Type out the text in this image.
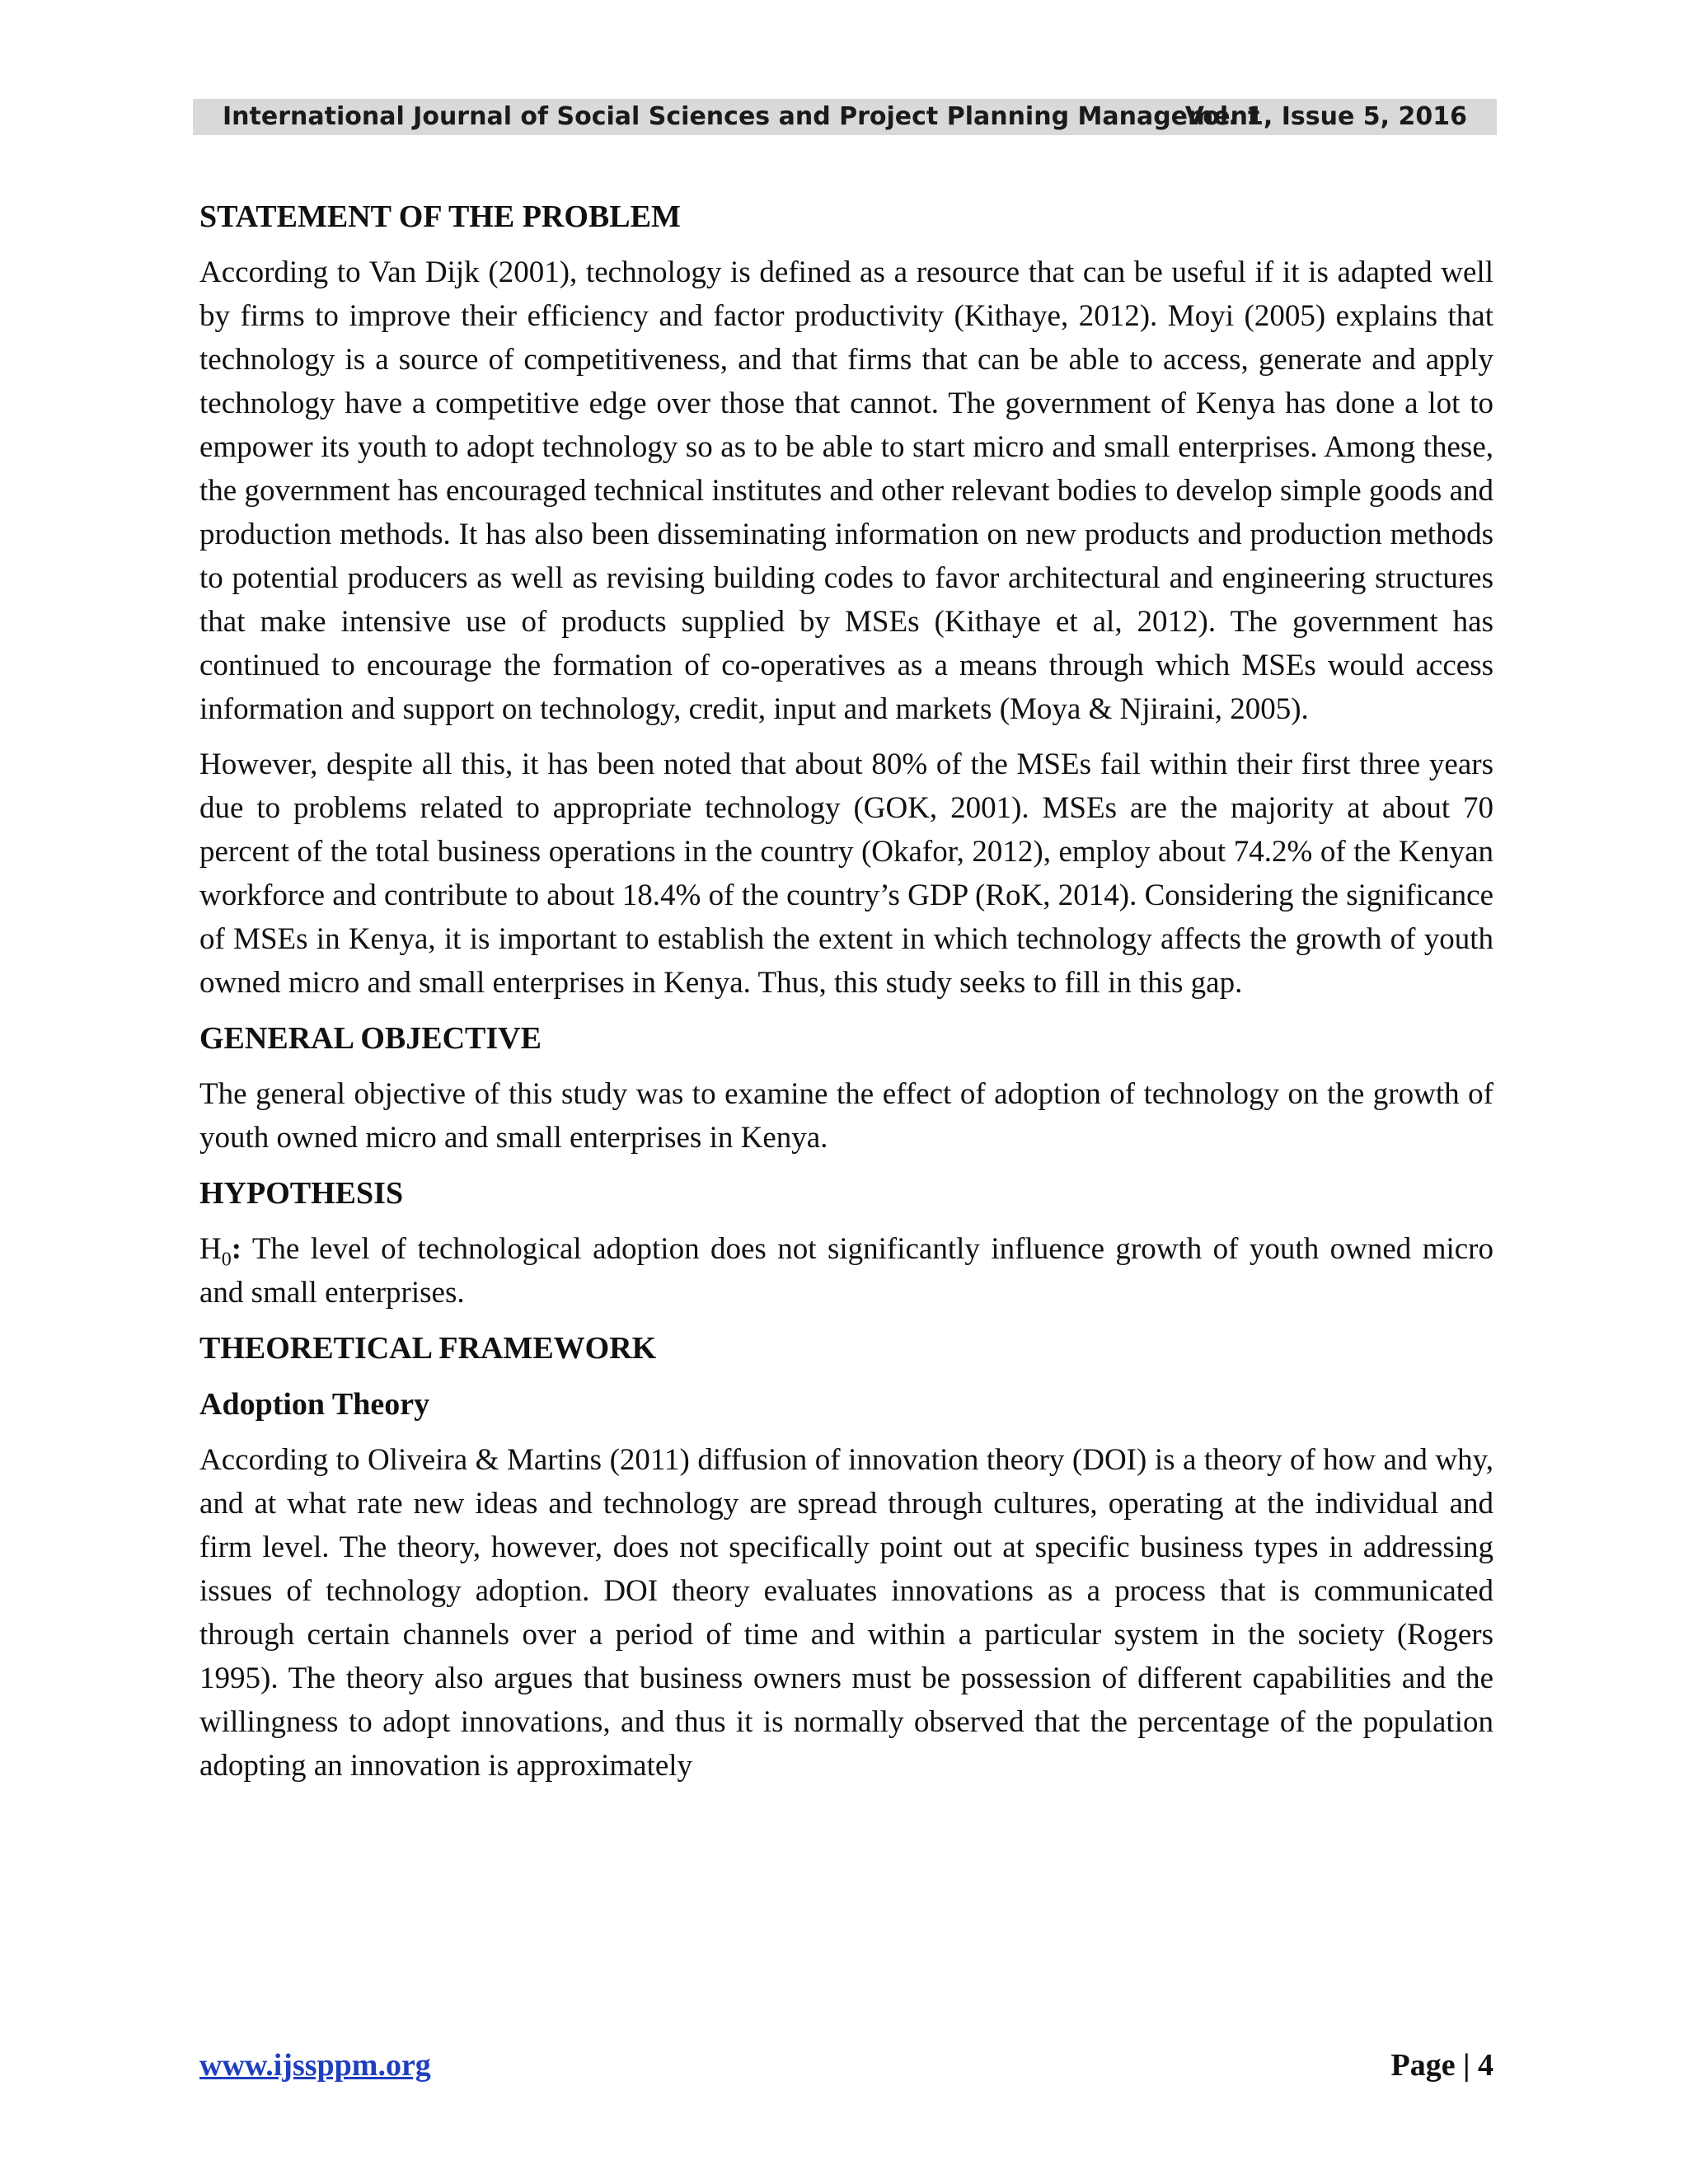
International Journal of Social Sciences and Project Planning Management
Vol. 1, Issue 5, 2016
STATEMENT OF THE PROBLEM

According to Van Dijk (2001), technology is defined as a resource that can be useful if it is adapted well by firms to improve their efficiency and factor productivity (Kithaye, 2012). Moyi (2005) explains that technology is a source of competitiveness, and that firms that can be able to access, generate and apply technology have a competitive edge over those that cannot. The government of Kenya has done a lot to empower its youth to adopt technology so as to be able to start micro and small enterprises. Among these, the government has encouraged technical institutes and other relevant bodies to develop simple goods and production methods. It has also been disseminating information on new products and production methods to potential producers as well as revising building codes to favor architectural and engineering structures that make intensive use of products supplied by MSEs (Kithaye et al, 2012). The government has continued to encourage the formation of co-operatives as a means through which MSEs would access information and support on technology, credit, input and markets (Moya & Njiraini, 2005).

However, despite all this, it has been noted that about 80% of the MSEs fail within their first three years due to problems related to appropriate technology (GOK, 2001). MSEs are the majority at about 70 percent of the total business operations in the country (Okafor, 2012), employ about 74.2% of the Kenyan workforce and contribute to about 18.4% of the country’s GDP (RoK, 2014). Considering the significance of MSEs in Kenya, it is important to establish the extent in which technology affects the growth of youth owned micro and small enterprises in Kenya. Thus, this study seeks to fill in this gap.

GENERAL OBJECTIVE

The general objective of this study was to examine the effect of adoption of technology on the growth of youth owned micro and small enterprises in Kenya.

HYPOTHESIS

$H_0$: The level of technological adoption does not significantly influence growth of youth owned micro and small enterprises.

THEORETICAL FRAMEWORK
Adoption Theory

According to Oliveira & Martins (2011) diffusion of innovation theory (DOI) is a theory of how and why, and at what rate new ideas and technology are spread through cultures, operating at the individual and firm level. The theory, however, does not specifically point out at specific business types in addressing issues of technology adoption. DOI theory evaluates innovations as a process that is communicated through certain channels over a period of time and within a particular system in the society (Rogers 1995). The theory also argues that business owners must be possession of different capabilities and the willingness to adopt innovations, and thus it is normally observed that the percentage of the population adopting an innovation is approximately

www.ijssppm.org	Page | 4
